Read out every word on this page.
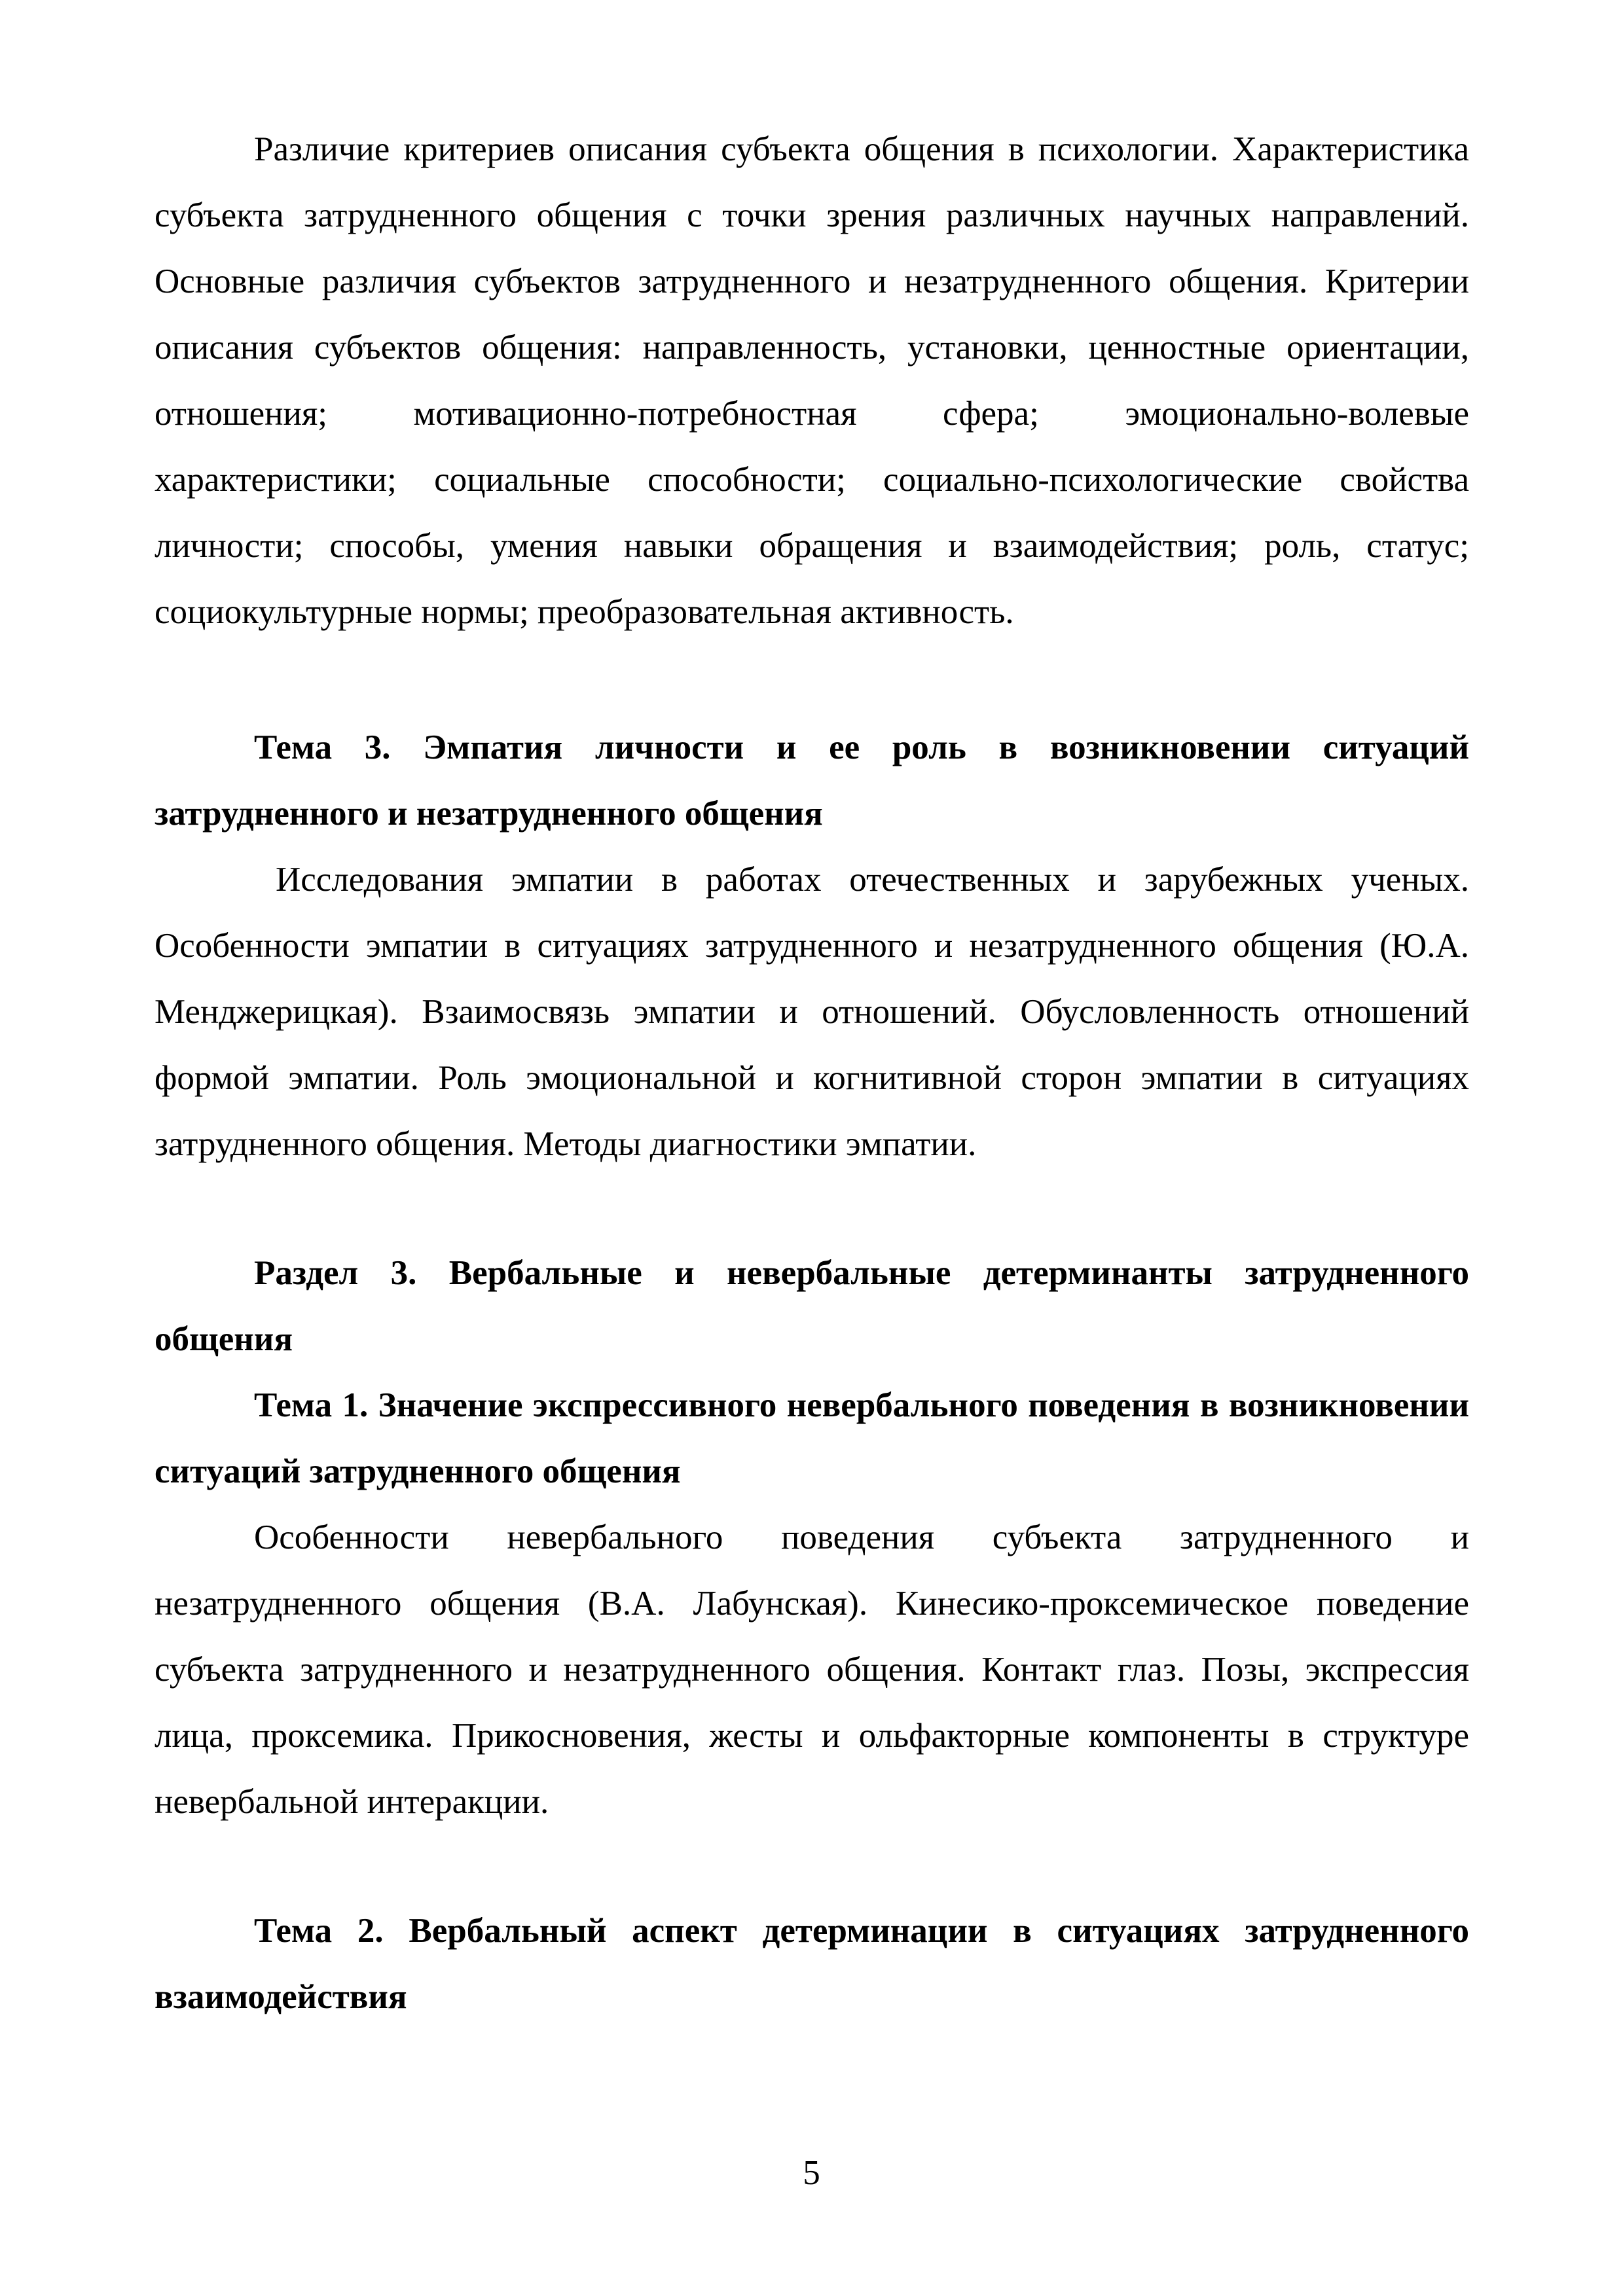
Различие критериев описания субъекта общения в психологии. Характеристика субъекта затрудненного общения с точки зрения различных научных направлений. Основные различия субъектов затрудненного и незатрудненного общения. Критерии описания субъектов общения: направленность, установки, ценностные ориентации, отношения; мотивационно-потребностная сфера; эмоционально-волевые характеристики; социальные способности; социально-психологические свойства личности; способы, умения навыки обращения и взаимодействия; роль, статус; социокультурные нормы; преобразовательная активность.

Тема 3. Эмпатия личности и ее роль в возникновении ситуаций затрудненного и незатрудненного общения

Исследования эмпатии в работах отечественных и зарубежных ученых. Особенности эмпатии в ситуациях затрудненного и незатрудненного общения (Ю.А. Менджерицкая). Взаимосвязь эмпатии и отношений. Обусловленность отношений формой эмпатии. Роль эмоциональной и когнитивной сторон эмпатии в ситуациях затрудненного общения. Методы диагностики эмпатии.

Раздел 3. Вербальные и невербальные детерминанты затрудненного общения

Тема 1. Значение экспрессивного невербального поведения в возникновении ситуаций затрудненного общения

Особенности невербального поведения субъекта затрудненного и незатрудненного общения (В.А. Лабунская). Кинесико-проксемическое поведение субъекта затрудненного и незатрудненного общения. Контакт глаз. Позы, экспрессия лица, проксемика. Прикосновения, жесты и ольфакторные компоненты в структуре невербальной интеракции.

Тема 2. Вербальный аспект детерминации в ситуациях затрудненного взаимодействия

5
